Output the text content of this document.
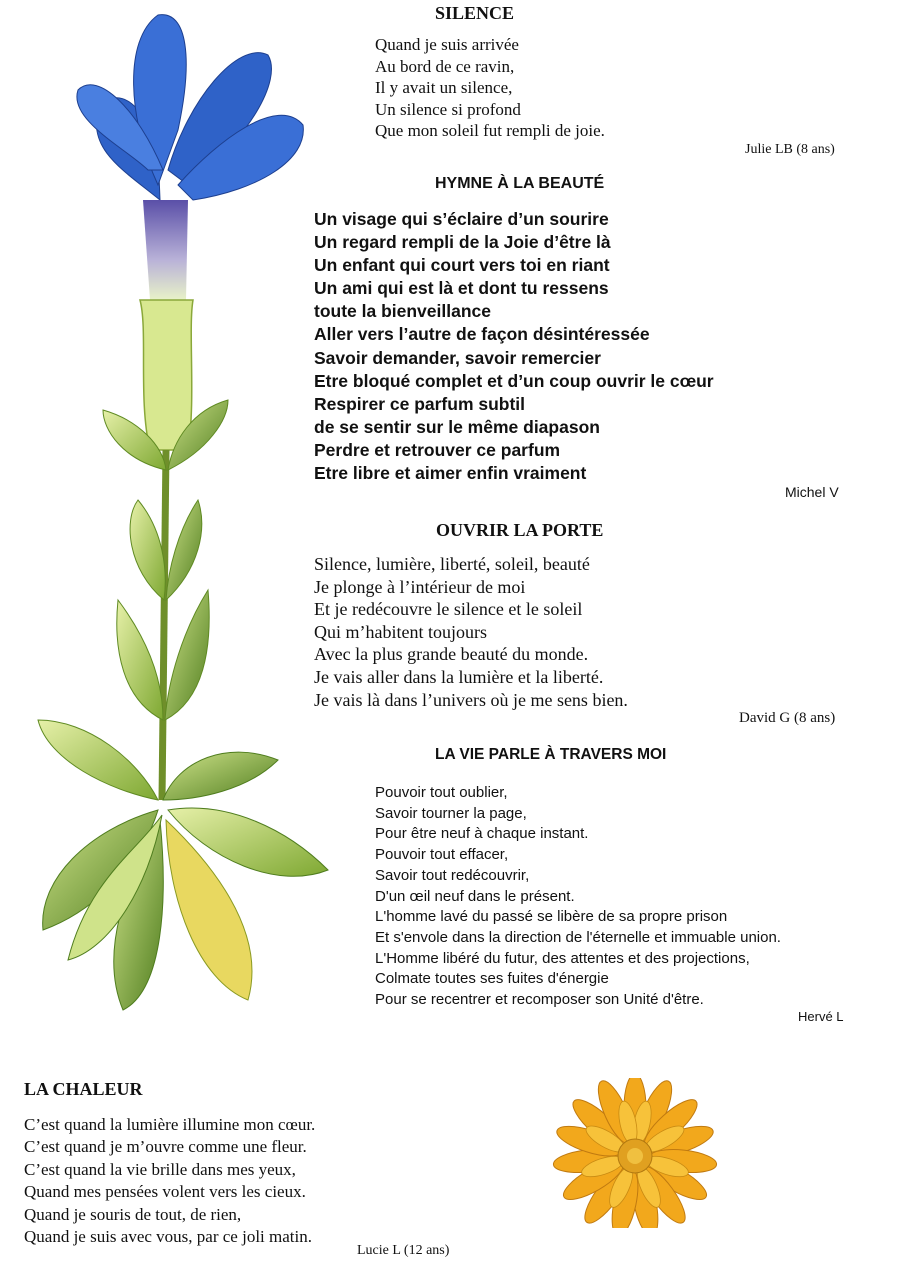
SILENCE
Quand je suis arrivée
Au bord de ce ravin,
Il y avait un silence,
Un silence si profond
Que mon soleil fut rempli de joie.
Julie LB (8 ans)
HYMNE À LA BEAUTÉ
Un visage qui s’éclaire d’un sourire
Un regard rempli de la Joie d’être là
Un enfant qui court vers toi en riant
Un ami qui est là et dont tu ressens
toute la bienveillance
Aller vers l’autre de façon désintéressée
Savoir demander, savoir remercier
Etre bloqué complet et d’un coup ouvrir le cœur
Respirer ce parfum subtil
de se sentir sur le même diapason
Perdre et retrouver ce parfum
Etre libre et aimer enfin vraiment
Michel V
OUVRIR LA PORTE
Silence, lumière, liberté, soleil, beauté
Je plonge à l’intérieur de moi
Et je redécouvre le silence et le soleil
Qui m’habitent toujours
Avec la plus grande beauté du monde.
Je vais aller dans la lumière et la liberté.
Je vais là dans l’univers où je me sens bien.
David G (8 ans)
LA VIE PARLE À TRAVERS MOI
Pouvoir tout oublier,
Savoir tourner la page,
Pour être neuf à chaque instant.
Pouvoir tout effacer,
Savoir tout redécouvrir,
D'un œil neuf dans le présent.
L'homme lavé du passé se libère de sa propre prison
Et s'envole dans la direction de l'éternelle et immuable union.
L'Homme libéré du futur, des attentes et des projections,
Colmate toutes ses fuites d'énergie
Pour se recentrer et recomposer son Unité d'être.
Hervé L
LA CHALEUR
C’est quand la lumière illumine mon cœur.
C’est quand je m’ouvre comme une fleur.
C’est quand la vie brille dans mes yeux,
Quand mes pensées volent vers les cieux.
Quand je souris de tout, de rien,
Quand je suis avec vous, par ce joli matin.
Lucie L (12 ans)
